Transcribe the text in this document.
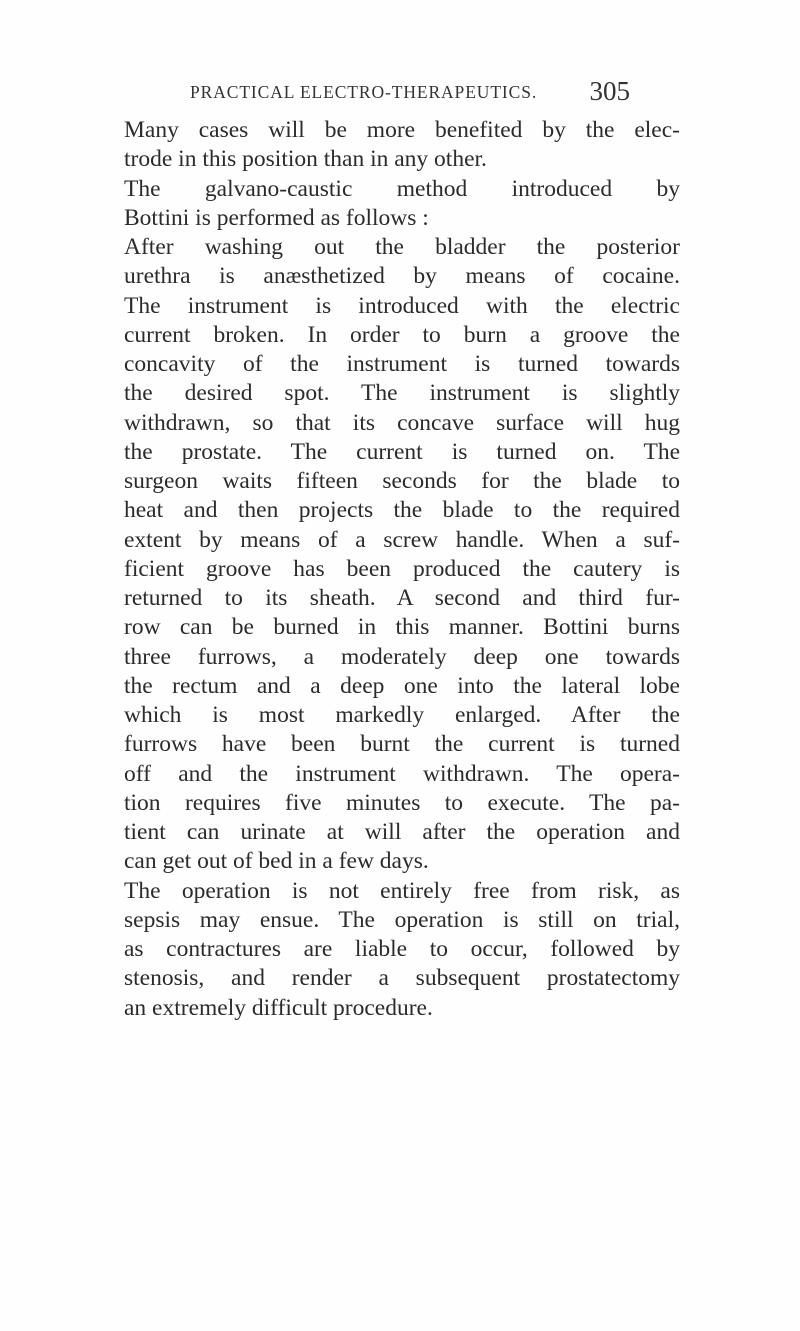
PRACTICAL ELECTRO-THERAPEUTICS. 305
Many cases will be more benefited by the elec-
trode in this position than in any other.
The galvano-caustic method introduced by
Bottini is performed as follows :
After washing out the bladder the posterior
urethra is anæsthetized by means of cocaine.
The instrument is introduced with the electric
current broken. In order to burn a groove the
concavity of the instrument is turned towards
the desired spot. The instrument is slightly
withdrawn, so that its concave surface will hug
the prostate. The current is turned on. The
surgeon waits fifteen seconds for the blade to
heat and then projects the blade to the required
extent by means of a screw handle. When a suf-
ficient groove has been produced the cautery is
returned to its sheath. A second and third fur-
row can be burned in this manner. Bottini burns
three furrows, a moderately deep one towards
the rectum and a deep one into the lateral lobe
which is most markedly enlarged. After the
furrows have been burnt the current is turned
off and the instrument withdrawn. The opera-
tion requires five minutes to execute. The pa-
tient can urinate at will after the operation and
can get out of bed in a few days.
The operation is not entirely free from risk, as
sepsis may ensue. The operation is still on trial,
as contractures are liable to occur, followed by
stenosis, and render a subsequent prostatectomy
an extremely difficult procedure.
